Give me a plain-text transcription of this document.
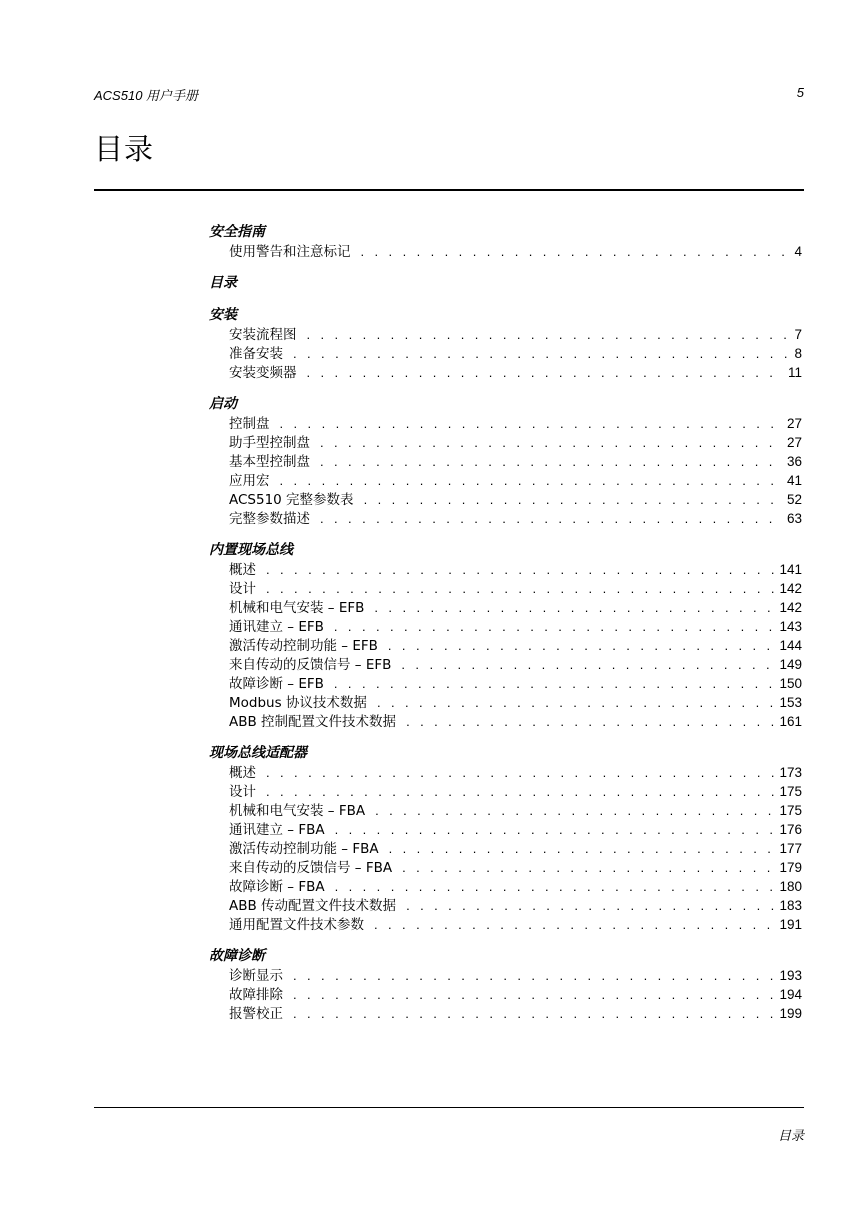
ACS510 用户手册	5
目录
安全指南
使用警告和注意标记 . . .	4
目录
安装
安装流程图 . . .	7
准备安装 . . .	8
安装变频器 . . .	11
启动
控制盘 . . .	27
助手型控制盘 . . .	27
基本型控制盘 . . .	36
应用宏 . . .	41
ACS510 完整参数表 . . .	52
完整参数描述 . . .	63
内置现场总线
概述 . . .	141
设计 . . .	142
机械和电气安装 – EFB . . .	142
通讯建立 – EFB . . .	143
激活传动控制功能 – EFB . . .	144
来自传动的反馈信号 – EFB . . .	149
故障诊断 – EFB . . .	150
Modbus 协议技术数据 . . .	153
ABB 控制配置文件技术数据 . . .	161
现场总线适配器
概述 . . .	173
设计 . . .	175
机械和电气安装 – FBA . . .	175
通讯建立 – FBA . . .	176
激活传动控制功能 – FBA . . .	177
来自传动的反馈信号 – FBA . . .	179
故障诊断 – FBA . . .	180
ABB 传动配置文件技术数据 . . .	183
通用配置文件技术参数 . . .	191
故障诊断
诊断显示 . . .	193
故障排除 . . .	194
报警校正 . . .	199
目录
